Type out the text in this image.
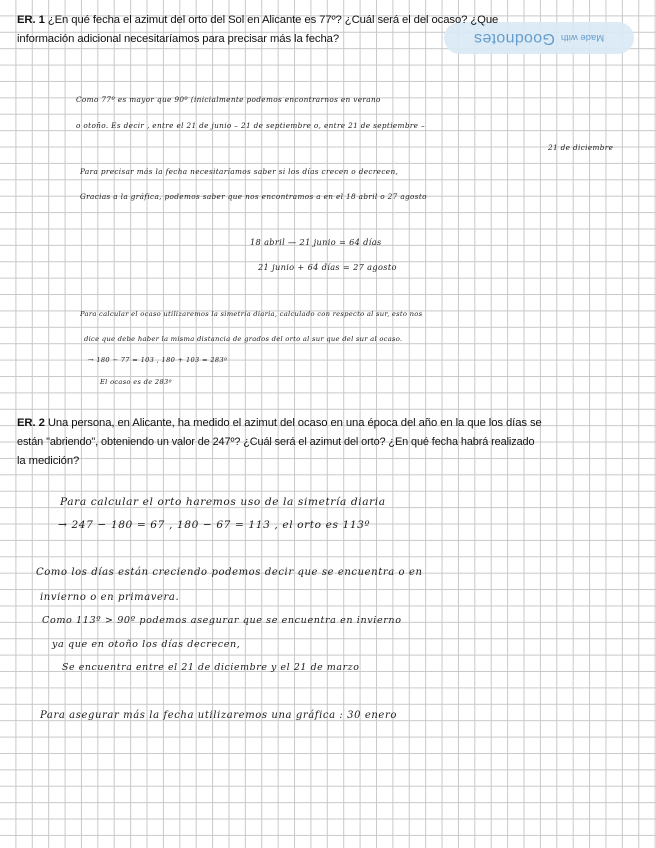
Made with
Goodnotes
ER. 1 ¿En qué fecha el azimut del orto del Sol en Alicante es 77º? ¿Cuál será el del ocaso? ¿Que
información adicional necesitaríamos para precisar más la fecha?
Como 77º es mayor que 90º (inicialmente podemos encontrarnos en verano
o otoño. Es decir , entre el 21 de junio – 21 de septiembre o, entre 21 de septiembre –
21 de diciembre
Para precisar más la fecha necesitaríamos saber si los días crecen o decrecen,
Gracias a la gráfica, podemos saber que nos encontramos a en el 18 abril o 27 agosto
18 abril — 21 junio = 64 días
21 junio + 64 días = 27 agosto
Para calcular el ocaso utilizaremos la simetría diaria, calculado con respecto al sur, esto nos
dice que debe haber la misma distancia de grados del orto al sur que del sur al ocaso.
→ 180 − 77 = 103 , 180 + 103 = 283º
El ocaso es de 283º
ER. 2 Una persona, en Alicante, ha medido el azimut del ocaso en una época del año en la que los días se
están "abriendo", obteniendo un valor de 247º? ¿Cuál será el azimut del orto? ¿En qué fecha habrá realizado
la medición?
Para calcular el orto haremos uso de la simetría diaria
→ 247 − 180 = 67 , 180 − 67 = 113 , el orto es 113º
Como los días están creciendo podemos decir que se encuentra o en
invierno o en primavera.
Como 113º > 90º podemos asegurar que se encuentra en invierno
ya que en otoño los días decrecen,
Se encuentra entre el 21 de diciembre y el 21 de marzo
Para asegurar más la fecha utilizaremos una gráfica : 30 enero
